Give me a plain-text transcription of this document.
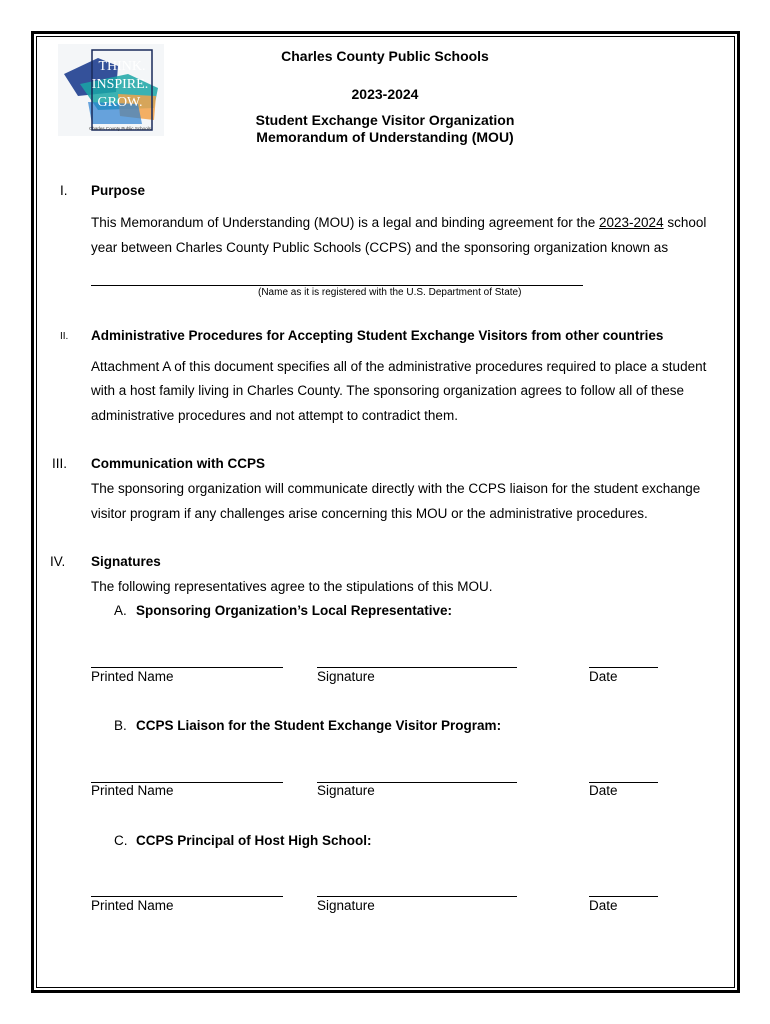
THINK.
INSPIRE.
GROW.
Charles County Public Schools
Charles County Public Schools
2023-2024
Student Exchange Visitor Organization
Memorandum of Understanding (MOU)
I. Purpose
This Memorandum of Understanding (MOU) is a legal and binding agreement for the 2023-2024 school
year between Charles County Public Schools (CCPS) and the sponsoring organization known as
(Name as it is registered with the U.S. Department of State)
II. Administrative Procedures for Accepting Student Exchange Visitors from other countries
Attachment A of this document specifies all of the administrative procedures required to place a student
with a host family living in Charles County. The sponsoring organization agrees to follow all of these
administrative procedures and not attempt to contradict them.
III. Communication with CCPS
The sponsoring organization will communicate directly with the CCPS liaison for the student exchange
visitor program if any challenges arise concerning this MOU or the administrative procedures.
IV. Signatures
The following representatives agree to the stipulations of this MOU.
A. Sponsoring Organization’s Local Representative:
Printed Name	Signature	Date
B. CCPS Liaison for the Student Exchange Visitor Program:
Printed Name	Signature	Date
C. CCPS Principal of Host High School:
Printed Name	Signature	Date
